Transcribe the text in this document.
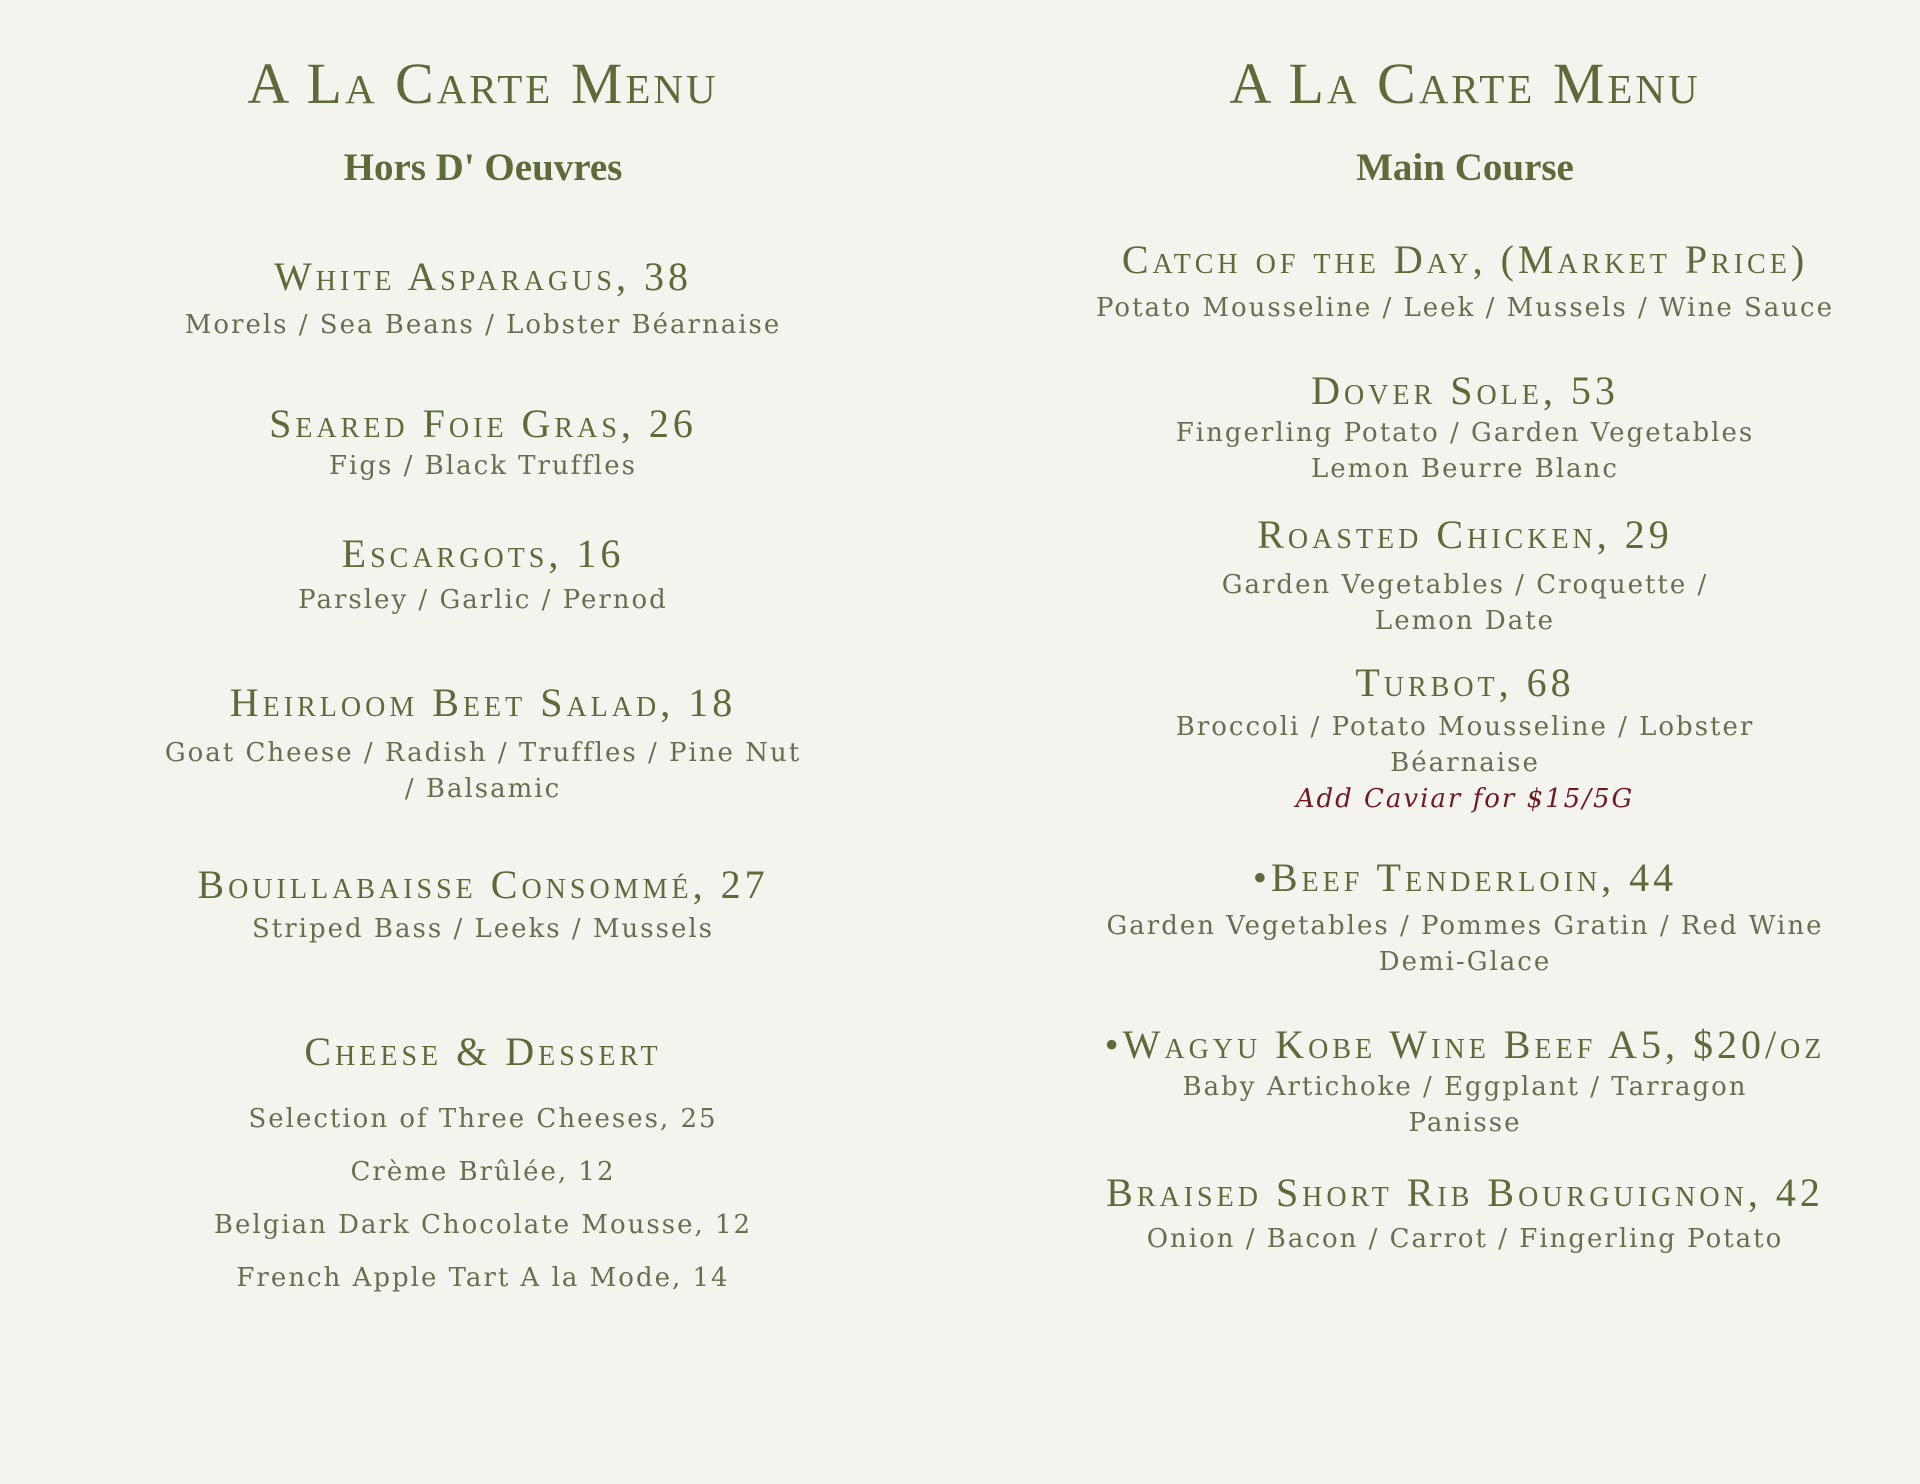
A La Carte Menu
Hors D' Oeuvres
White Asparagus, 38
Morels / Sea Beans / Lobster Béarnaise
Seared Foie Gras, 26
Figs / Black Truffles
Escargots, 16
Parsley / Garlic / Pernod
Heirloom Beet Salad, 18
Goat Cheese / Radish / Truffles / Pine Nut
/ Balsamic
Bouillabaisse Consommé, 27
Striped Bass / Leeks / Mussels
Cheese & Dessert
Selection of Three Cheeses, 25
Crème Brûlée, 12
Belgian Dark Chocolate Mousse, 12
French Apple Tart A la Mode, 14
A La Carte Menu
Main Course
Catch of the Day, (Market Price)
Potato Mousseline / Leek / Mussels / Wine Sauce
Dover Sole, 53
Fingerling Potato / Garden Vegetables
Lemon Beurre Blanc
Roasted Chicken, 29
Garden Vegetables / Croquette /
Lemon Date
Turbot, 68
Broccoli / Potato Mousseline / Lobster
Béarnaise
Add Caviar for $15/5G
•Beef Tenderloin, 44
Garden Vegetables / Pommes Gratin / Red Wine
Demi-Glace
•Wagyu Kobe Wine Beef A5, $20/oz
Baby Artichoke / Eggplant / Tarragon
Panisse
Braised Short Rib Bourguignon, 42
Onion / Bacon / Carrot / Fingerling Potato
